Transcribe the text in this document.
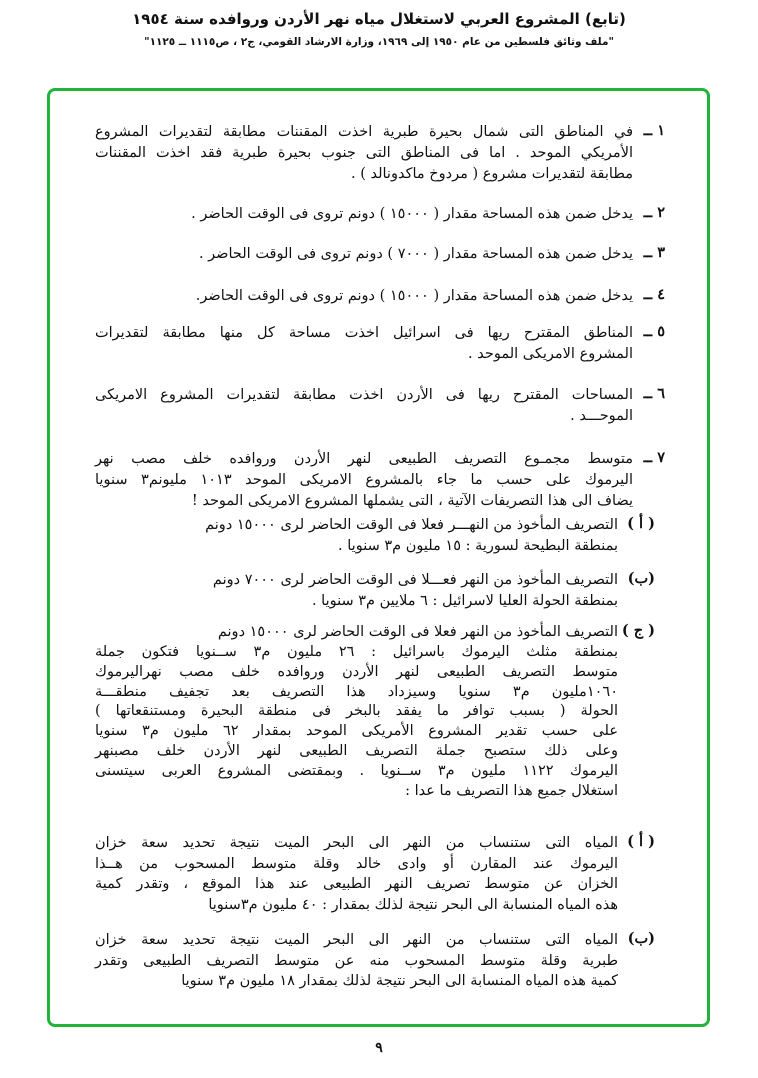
(تابع) المشروع العربي لاستغلال مياه نهر الأردن وروافده سنة ١٩٥٤
"ملف وثائق فلسطين من عام ١٩٥٠ إلى ١٩٦٩، وزارة الارشاد القومي، ج٢ ، ص١١١٥ ــ ١١٢٥"
١ ــ
في المناطق التى شمال بحيرة طبرية اخذت المقننات مطابقة لتقديرات المشروع
الأمريكي الموحد . اما فى المناطق التى جنوب بحيرة طبرية فقد اخذت المقننات
مطابقة لتقديرات مشروع ( مردوخ ماكدونالد ) .
٢ ــ
يدخل ضمن هذه المساحة مقدار ( ١٥٠٠٠ ) دونم تروى فى الوقت الحاضر .
٣ ــ
يدخل ضمن هذه المساحة مقدار ( ٧٠٠٠ ) دونم تروى فى الوقت الحاضر .
٤ ــ
يدخل ضمن هذه المساحة مقدار ( ١٥٠٠٠ ) دونم تروى فى الوقت الحاضر.
٥ ــ
المناطق المقترح ريها فى اسرائيل اخذت مساحة كل منها مطابقة لتقديرات
المشروع الامريكى الموحد .
٦ ــ
المساحات المقترح ريها فى الأردن اخذت مطابقة لتقديرات المشروع الامريكى
الموحـــد .
٧ ــ
متوسط مجمـوع التصريف الطبيعى لنهر الأردن وروافده خلف مصب نهر
اليرموك على حسب ما جاء بالمشروع الامريكى الموحد ١٠١٣ مليونم٣ سنويا
يضاف الى هذا التصريفات الآتية ، التى يشملها المشروع الامريكى الموحد !
( أ )
التصريف المأخوذ من النهـــر فعلا فى الوقت الحاضر لرى ١٥٠٠٠ دونم
بمنطقة البطيحة لسورية : ١٥ مليون م٣ سنويا .
(ب)
التصريف المأخوذ من النهر فعـــلا فى الوقت الحاضر لرى ٧٠٠٠ دونم
بمنطقة الحولة العليا لاسرائيل : ٦ ملايين م٣ سنويا .
( ج )
التصريف المأخوذ من النهر فعلا فى الوقت الحاضر لرى ١٥٠٠٠ دونم
بمنطقة مثلث اليرموك باسرائيل : ٢٦ مليون م٣ ســنويا فتكون جملة
متوسط التصريف الطبيعى لنهر الأردن وروافده خلف مصب نهراليرموك
١٠٦٠مليون م٣ سنويا وسيزداد هذا التصريف بعد تجفيف منطقـــة
الحولة ( بسبب توافر ما يفقد بالبخر فى منطقة البحيرة ومستنقعاتها )
على حسب تقدير المشروع الأمريكى الموحد بمقدار ٦٢ مليون م٣ سنويا
وعلى ذلك ستصبح جملة التصريف الطبيعى لنهر الأردن خلف مصبنهر
اليرموك ١١٢٢ مليون م٣ ســنويا . وبمقتضى المشروع العربى سيتسنى
استغلال جميع هذا التصريف ما عدا :
( أ )
المياه التى ستنساب من النهر الى البحر الميت نتيجة تحديد سعة خزان
اليرموك عند المقارن أو وادى خالد وقلة متوسط المسحوب من هــذا
الخزان عن متوسط تصريف النهر الطبيعى عند هذا الموقع ، وتقدر كمية
هذه المياه المنسابة الى البحر نتيجة لذلك بمقدار : ٤٠ مليون م٣سنويا
(ب)
المياه التى ستنساب من النهر الى البحر الميت نتيجة تحديد سعة خزان
طبرية وقلة متوسط المسحوب منه عن متوسط التصريف الطبيعى وتقدر
كمية هذه المياه المنسابة الى البحر نتيجة لذلك بمقدار ١٨ مليون م٣ سنويا
٩
